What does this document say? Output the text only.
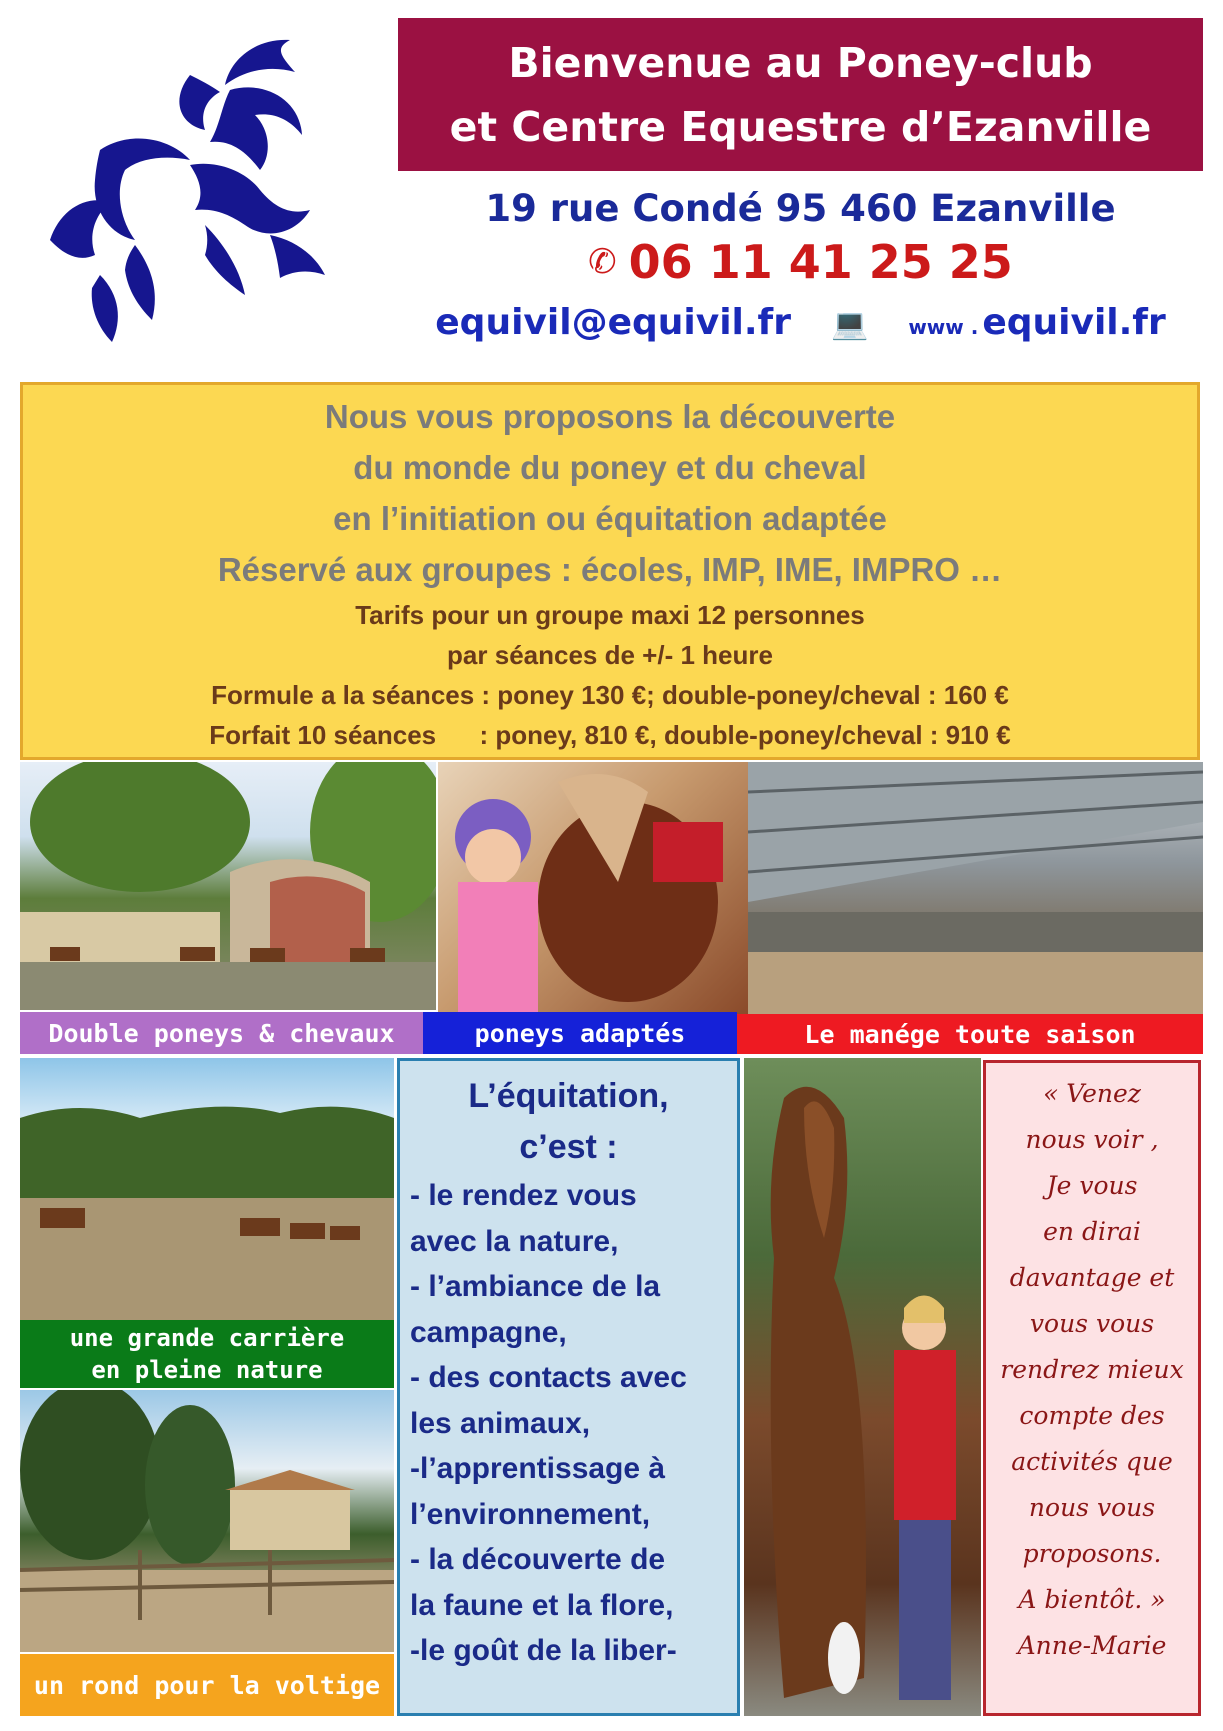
Bienvenue au Poney-club
et Centre Equestre d’Ezanville
19 rue Condé 95 460 Ezanville
✆ 06 11 41 25 25
equivil@equivil.fr 💻 www . equivil.fr
Nous vous proposons la découverte
du monde du poney et du cheval
en l’initiation ou équitation adaptée
Réservé aux groupes : écoles, IMP, IME, IMPRO …
Tarifs pour un groupe maxi 12 personnes
par séances de +/- 1 heure
Formule a la séances : poney 130 €; double-poney/cheval : 160 €
Forfait 10 séances      : poney, 810 €, double-poney/cheval : 910 €
Double poneys & chevaux	poneys adaptés	Le manége toute saison
une grande carrière
en pleine nature
un rond pour la voltige
L’équitation,
c’est :
- le rendez vous
avec la nature,
- l’ambiance de la
campagne,
- des contacts avec
les animaux,
-l’apprentissage à
l’environnement,
- la découverte de
la faune et la flore,
-le goût de la liber-
« Venez
nous voir ,
Je vous
en dirai
davantage et
vous vous
rendrez mieux
compte des
activités que
nous vous
proposons.
A bientôt. »
Anne-Marie
